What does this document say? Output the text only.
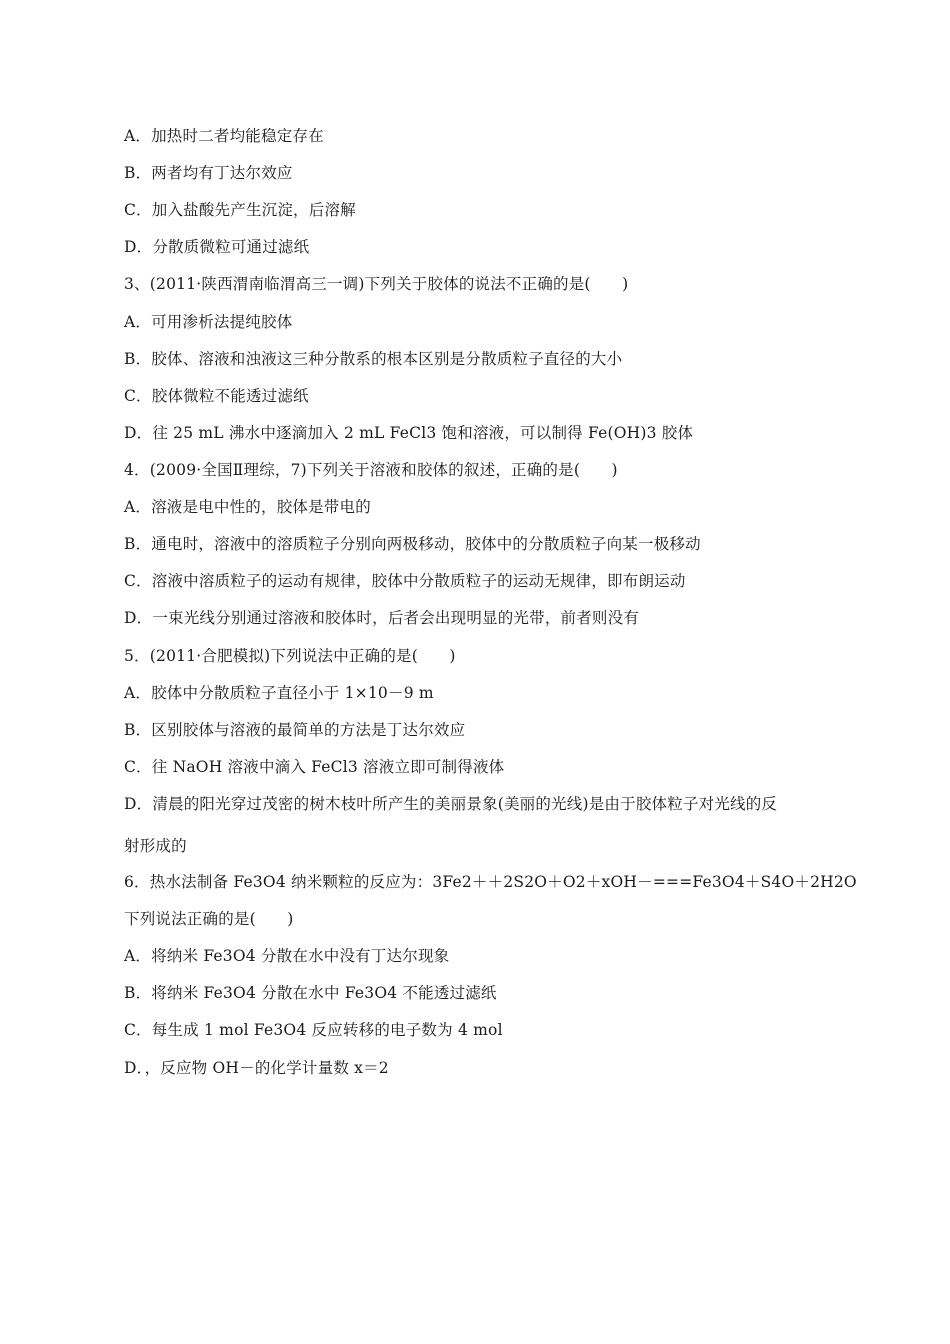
A．加热时二者均能稳定存在
B．两者均有丁达尔效应
C．加入盐酸先产生沉淀，后溶解
D．分散质微粒可通过滤纸
3、(2011·陕西渭南临渭高三一调)下列关于胶体的说法不正确的是(　　)
A．可用渗析法提纯胶体
B．胶体、溶液和浊液这三种分散系的根本区别是分散质粒子直径的大小
C．胶体微粒不能透过滤纸
D．往 25 mL 沸水中逐滴加入 2 mL FeCl3 饱和溶液，可以制得 Fe(OH)3 胶体
4．(2009·全国Ⅱ理综，7)下列关于溶液和胶体的叙述，正确的是(　　)
A．溶液是电中性的，胶体是带电的
B．通电时，溶液中的溶质粒子分别向两极移动，胶体中的分散质粒子向某一极移动
C．溶液中溶质粒子的运动有规律，胶体中分散质粒子的运动无规律，即布朗运动
D．一束光线分别通过溶液和胶体时，后者会出现明显的光带，前者则没有
5．(2011·合肥模拟)下列说法中正确的是(　　)
A．胶体中分散质粒子直径小于 1×10－9 m
B．区别胶体与溶液的最简单的方法是丁达尔效应
C．往 NaOH 溶液中滴入 FeCl3 溶液立即可制得液体
D．清晨的阳光穿过茂密的树木枝叶所产生的美丽景象(美丽的光线)是由于胶体粒子对光线的反
射形成的
6．热水法制备 Fe3O4 纳米颗粒的反应为：3Fe2＋＋2S2O＋O2＋xOH－===Fe3O4＋S4O＋2H2O
下列说法正确的是(　　)
A．将纳米 Fe3O4 分散在水中没有丁达尔现象
B．将纳米 Fe3O4 分散在水中 Fe3O4 不能透过滤纸
C．每生成 1 mol Fe3O4 反应转移的电子数为 4 mol
D．，反应物 OH－的化学计量数 x＝2
